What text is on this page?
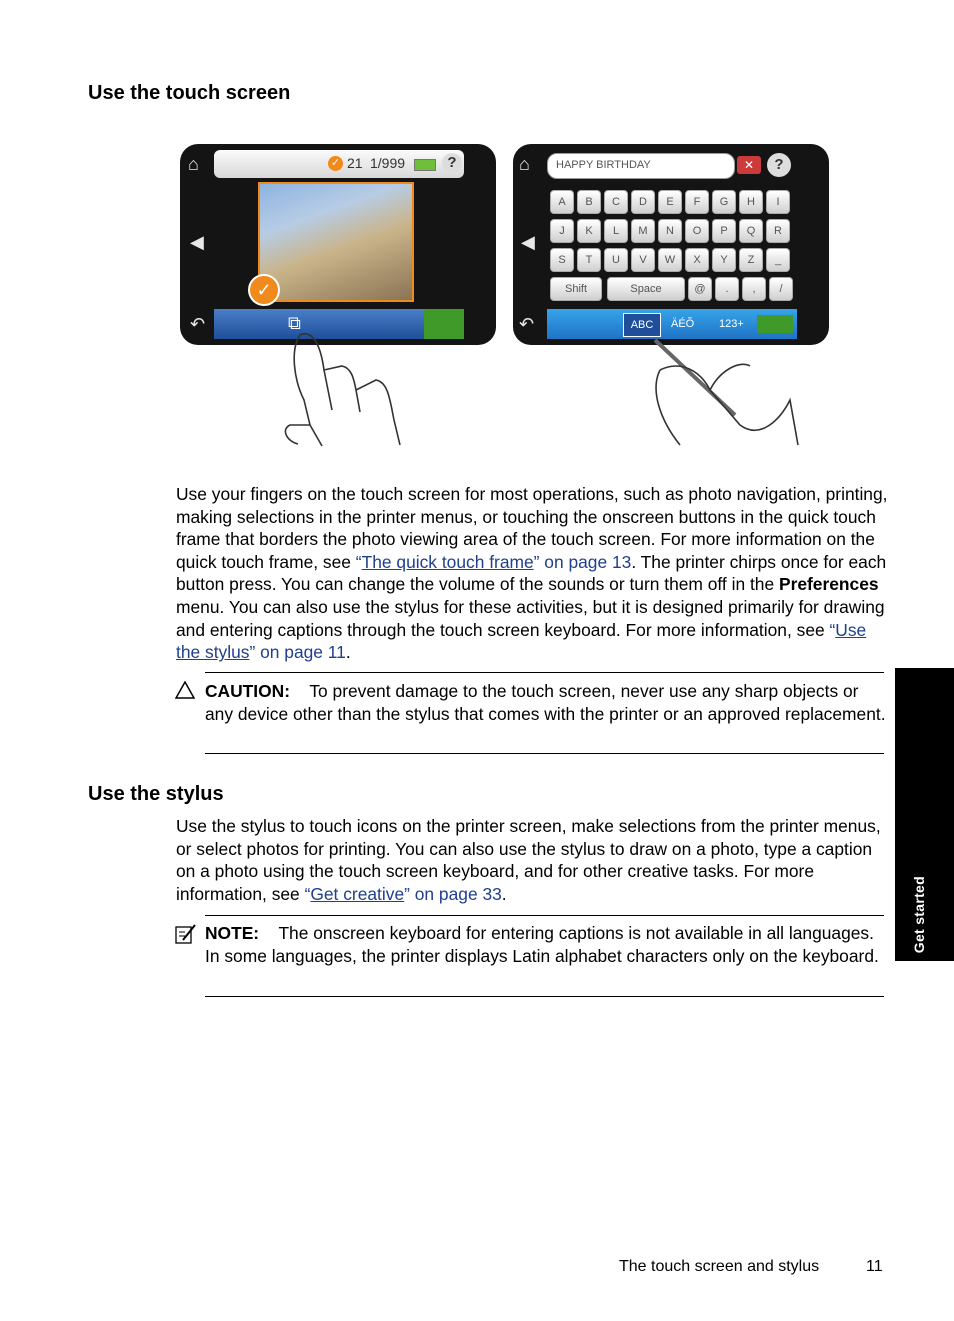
Use the touch screen
⌂	✓ 21 1/999	?
◀
✓
↶	⧉
⌂ HAPPY BIRTHDAY	✕	?
◀
A	B	C	D	E	F	G	H	I
J	K	L	M	N	O	P	Q	R
S	T	U	V	W	X	Y	Z	_
Shift	Space	@	.	,	/
↶	ABC	ÄÉÕ 123+

Use your fingers on the touch screen for most operations, such as photo navigation, printing, making selections in the printer menus, or touching the onscreen buttons in the quick touch frame that borders the photo viewing area of the touch screen. For more information on the quick touch frame, see “The quick touch frame” on page 13. The printer chirps once for each button press. You can change the volume of the sounds or turn them off in the Preferences menu. You can also use the stylus for these activities, but it is designed primarily for drawing and entering captions through the touch screen keyboard. For more information, see “Use the stylus” on page 11.

CAUTION: To prevent damage to the touch screen, never use any sharp objects or any device other than the stylus that comes with the printer or an approved replacement.

Use the stylus

Use the stylus to touch icons on the printer screen, make selections from the printer menus, or select photos for printing. You can also use the stylus to draw on a photo, type a caption on a photo using the touch screen keyboard, and for other creative tasks. For more information, see “Get creative” on page 33.

NOTE: The onscreen keyboard for entering captions is not available in all languages. In some languages, the printer displays Latin alphabet characters only on the keyboard.

Get started
The touch screen and stylus	11
